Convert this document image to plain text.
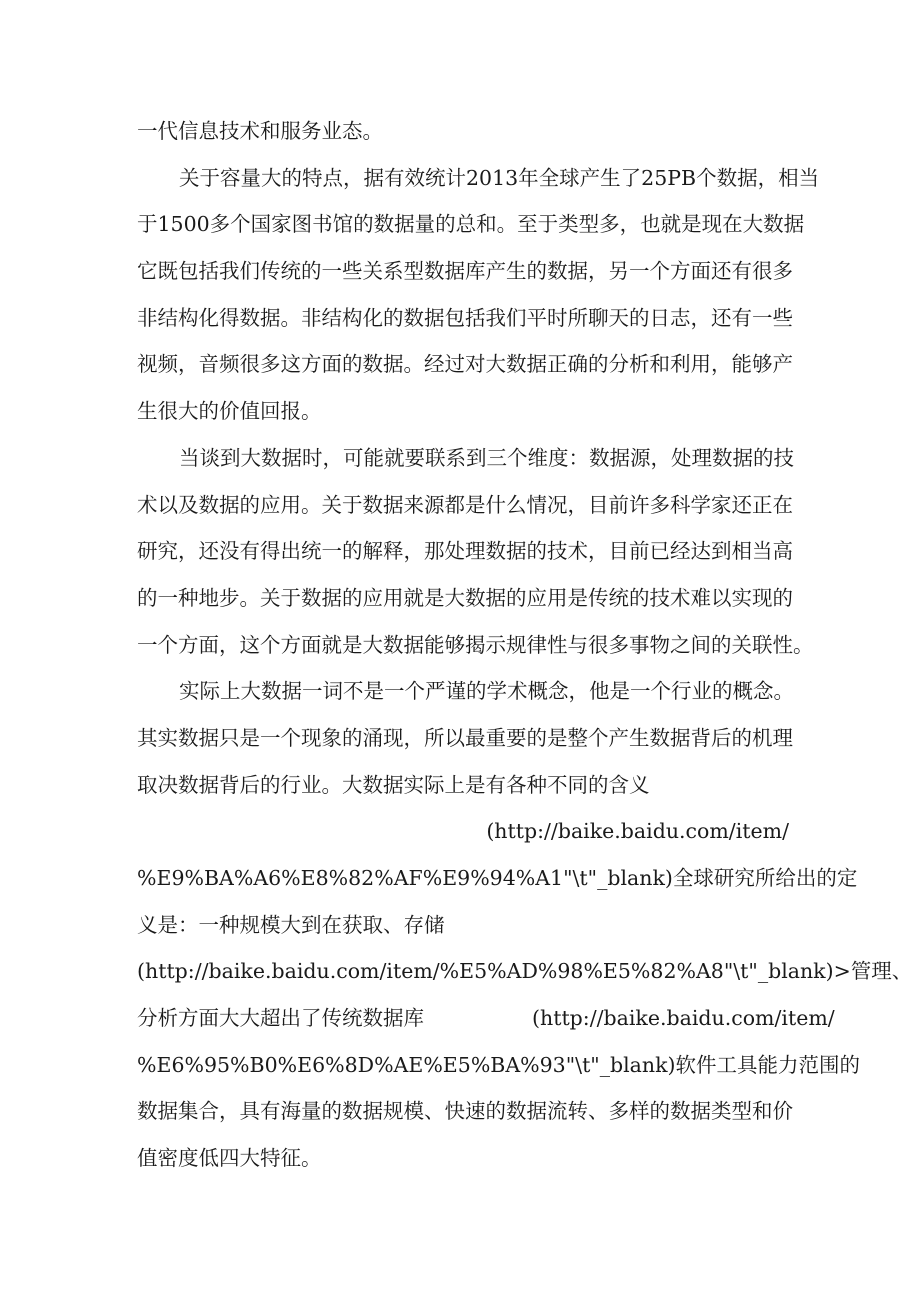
一代信息技术和服务业态。
关于容量大的特点，据有效统计2013年全球产生了25PB个数据，相当
于1500多个国家图书馆的数据量的总和。至于类型多，也就是现在大数据
它既包括我们传统的一些关系型数据库产生的数据，另一个方面还有很多
非结构化得数据。非结构化的数据包括我们平时所聊天的日志，还有一些
视频，音频很多这方面的数据。经过对大数据正确的分析和利用，能够产
生很大的价值回报。
当谈到大数据时，可能就要联系到三个维度：数据源，处理数据的技
术以及数据的应用。关于数据来源都是什么情况，目前许多科学家还正在
研究，还没有得出统一的解释，那处理数据的技术，目前已经达到相当高
的一种地步。关于数据的应用就是大数据的应用是传统的技术难以实现的
一个方面，这个方面就是大数据能够揭示规律性与很多事物之间的关联性。
实际上大数据一词不是一个严谨的学术概念，他是一个行业的概念。
其实数据只是一个现象的涌现，所以最重要的是整个产生数据背后的机理
取决数据背后的行业。大数据实际上是有各种不同的含义
(http://baike.baidu.com/item/
%E9%BA%A6%E8%82%AF%E9%94%A1"\t"_blank)全球研究所给出的定
义是：一种规模大到在获取、存储
(http://baike.baidu.com/item/%E5%AD%98%E5%82%A8"\t"_blank)>管理、
分析方面大大超出了传统数据库	(http://baike.baidu.com/item/
%E6%95%B0%E6%8D%AE%E5%BA%93"\t"_blank)软件工具能力范围的
数据集合，具有海量的数据规模、快速的数据流转、多样的数据类型和价
值密度低四大特征。
